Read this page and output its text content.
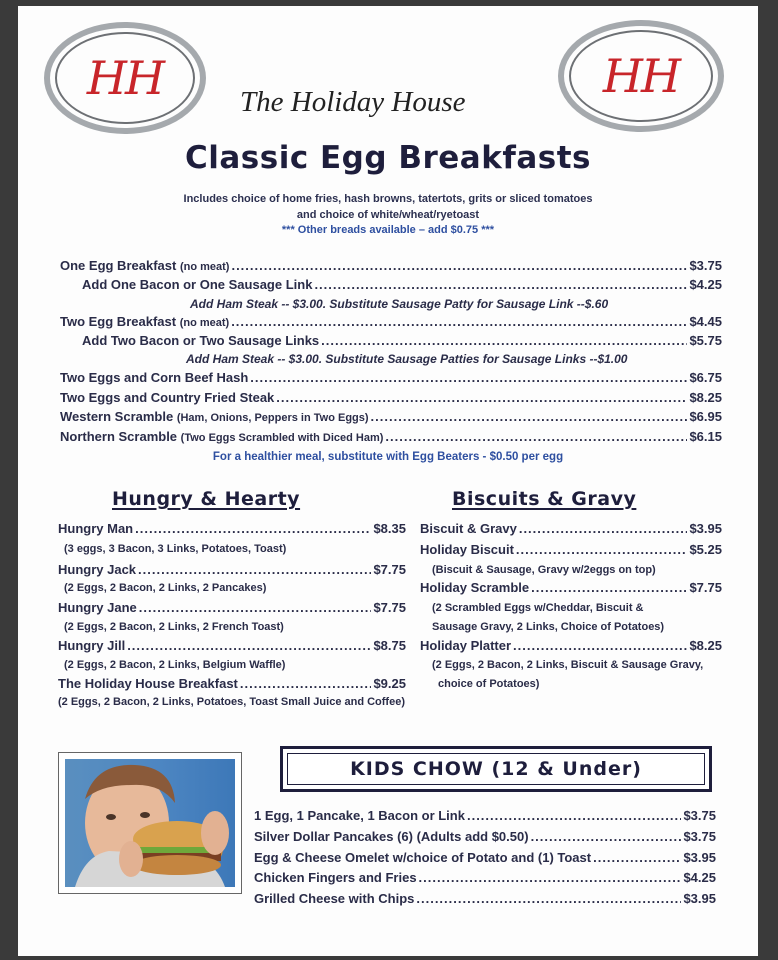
HH	HH
The Holiday House
Classic Egg Breakfasts
Includes choice of home fries, hash browns, tatertots, grits or sliced tomatoes
and choice of white/wheat/ryetoast
*** Other breads available – add $0.75 ***
One Egg Breakfast (no meat) .....	$3.75
Add One Bacon or One Sausage Link .....	$4.25
Add Ham Steak -- $3.00. Substitute Sausage Patty for Sausage Link --$.60
Two Egg Breakfast (no meat) .....	$4.45
Add Two Bacon or Two Sausage Links .....	$5.75
Add Ham Steak -- $3.00. Substitute Sausage Patties for Sausage Links --$1.00
Two Eggs and Corn Beef Hash .....	$6.75
Two Eggs and Country Fried Steak .....	$8.25
Western Scramble (Ham, Onions, Peppers in Two Eggs) .....	$6.95
Northern Scramble (Two Eggs Scrambled with Diced Ham) .....	$6.15
For a healthier meal, substitute with Egg Beaters - $0.50 per egg
Hungry & Hearty
Hungry Man .....	$8.35
(3 eggs, 3 Bacon, 3 Links, Potatoes, Toast)
Hungry Jack .....	$7.75
(2 Eggs, 2 Bacon, 2 Links, 2 Pancakes)
Hungry Jane .....	$7.75
(2 Eggs, 2 Bacon, 2 Links, 2 French Toast)
Hungry Jill .....	$8.75
(2 Eggs, 2 Bacon, 2 Links, Belgium Waffle)
The Holiday House Breakfast .....	$9.25
(2 Eggs, 2 Bacon, 2 Links, Potatoes, Toast Small Juice and Coffee)
Biscuits & Gravy
Biscuit & Gravy .....	$3.95
Holiday Biscuit .....	$5.25
(Biscuit & Sausage, Gravy w/2eggs on top)
Holiday Scramble .....	$7.75
(2 Scrambled Eggs w/Cheddar, Biscuit &
Sausage Gravy, 2 Links, Choice of Potatoes)
Holiday Platter .....	$8.25
(2 Eggs, 2 Bacon, 2 Links, Biscuit & Sausage Gravy,
choice of Potatoes)
KIDS CHOW (12 & Under)
1 Egg, 1 Pancake, 1 Bacon or Link .....	$3.75
Silver Dollar Pancakes (6) (Adults add $0.50) .....	$3.75
Egg & Cheese Omelet w/choice of Potato and (1) Toast .....	$3.95
Chicken Fingers and Fries .....	$4.25
Grilled Cheese with Chips .....	$3.95
